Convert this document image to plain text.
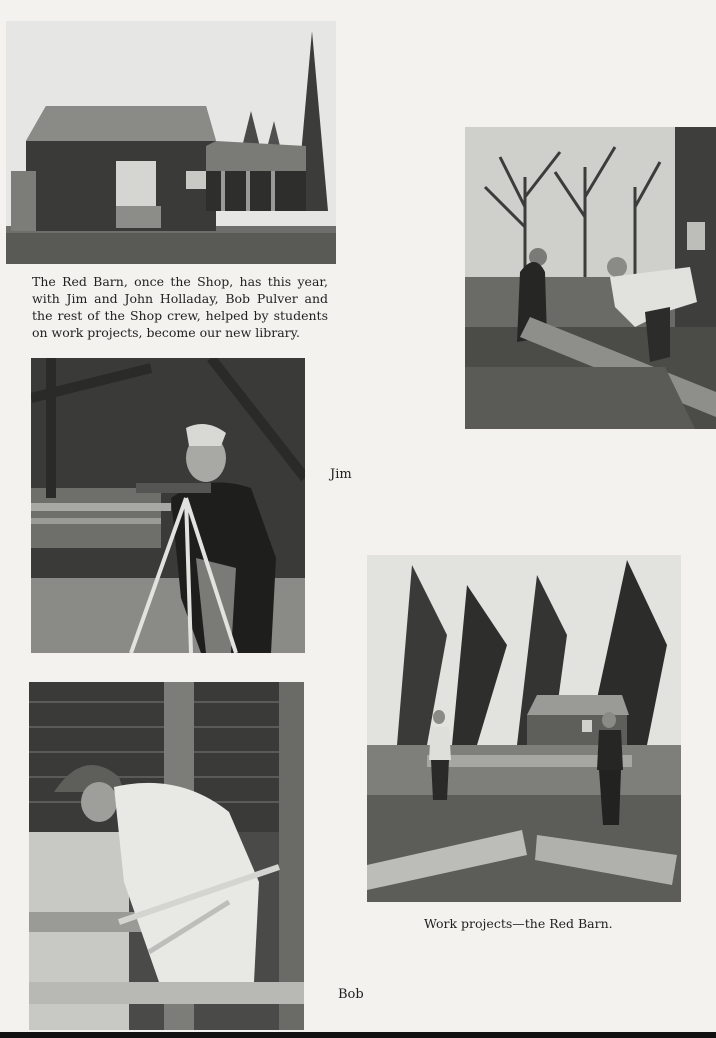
The Red Barn, once the Shop, has this year, with Jim and John Holladay, Bob Pulver and the rest of the Shop crew, helped by students on work projects, become our new library.
Jim
Work projects—the Red Barn.
Bob
